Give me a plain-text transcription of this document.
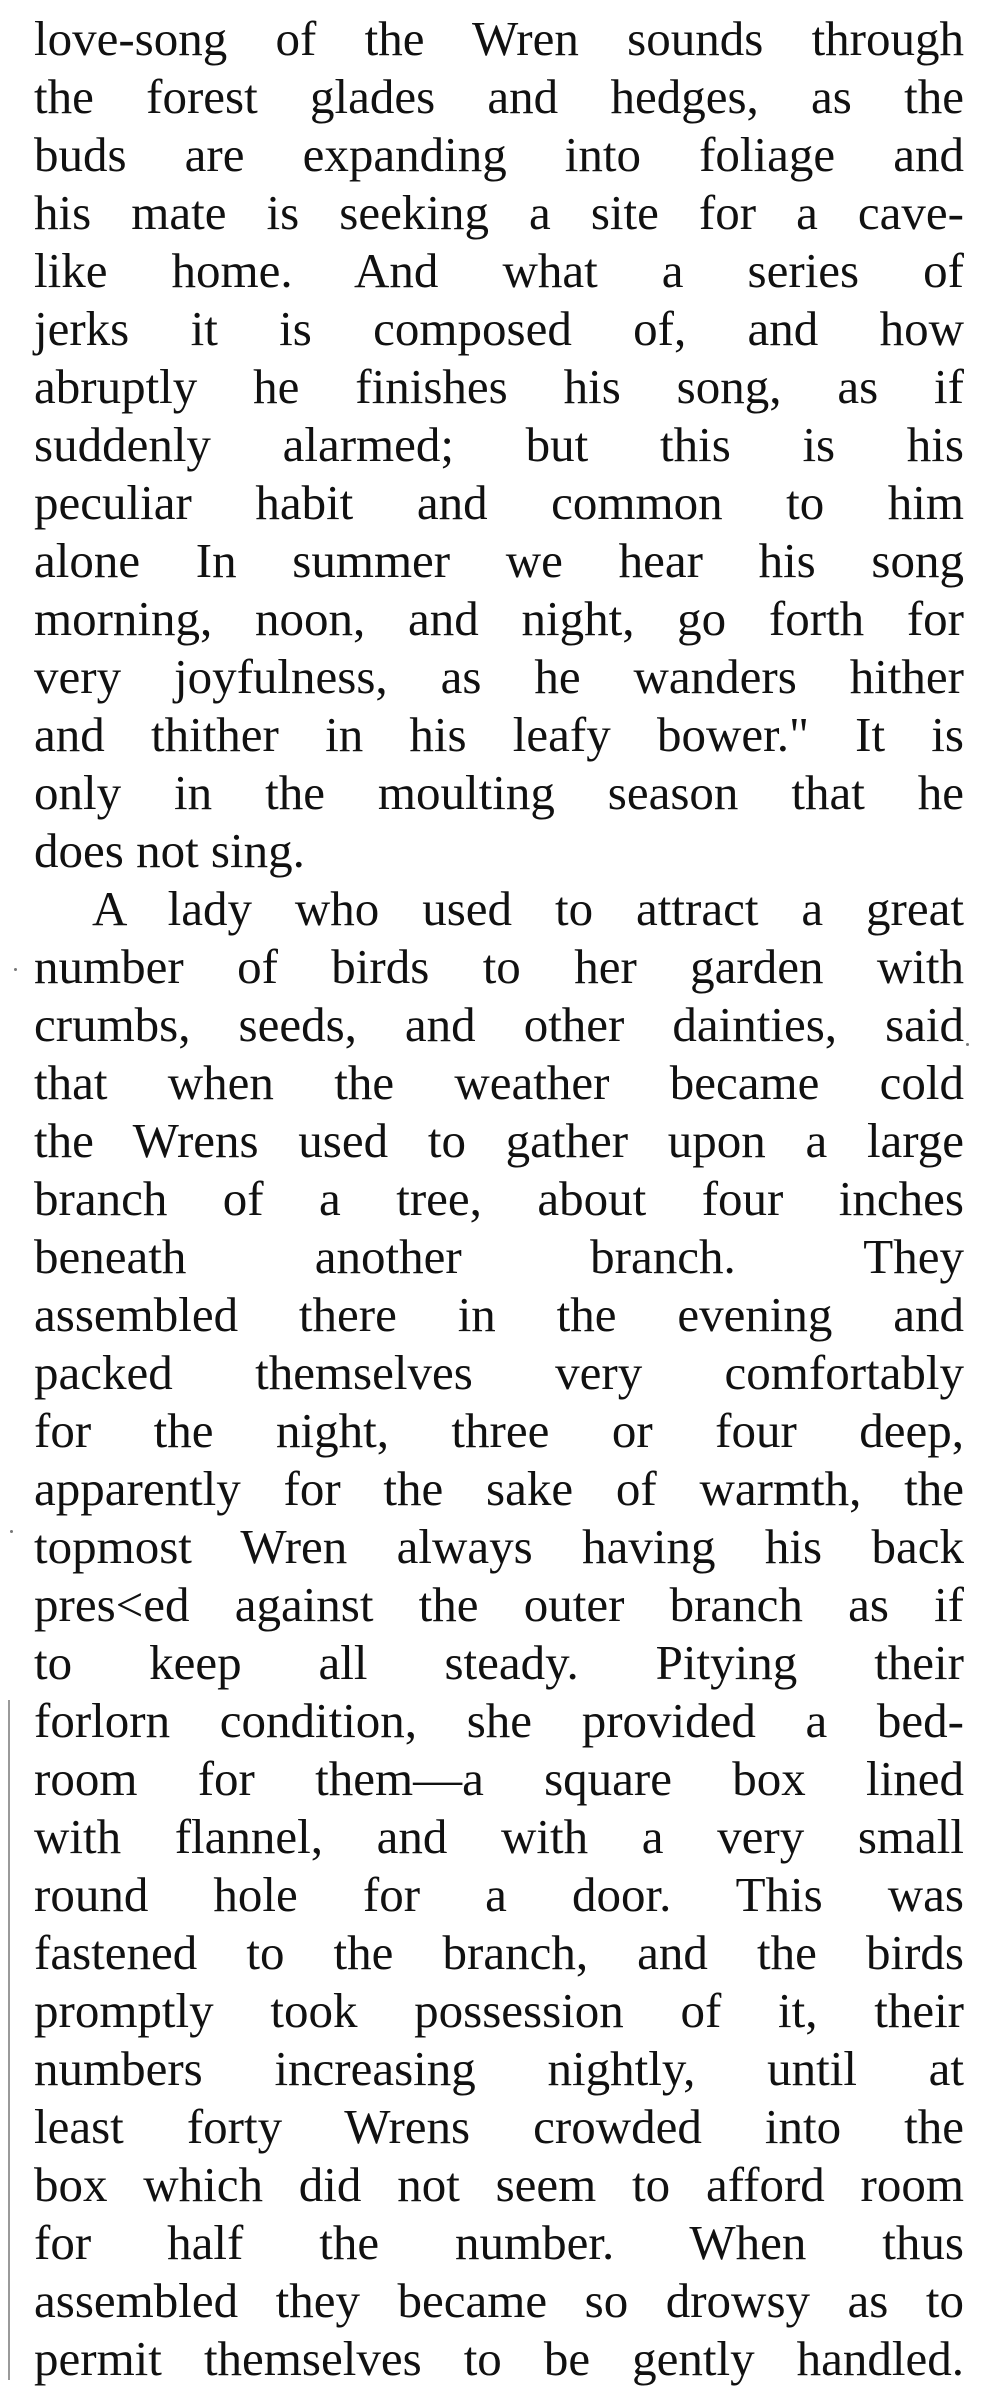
love-song of the Wren sounds through
the forest glades and hedges, as the
buds are expanding into foliage and
his mate is seeking a site for a cave-
like home. And what a series of
jerks it is composed of, and how
abruptly he finishes his song, as if
suddenly alarmed; but this is his
peculiar habit and common to him
alone In summer we hear his song
morning, noon, and night, go forth for
very joyfulness, as he wanders hither
and thither in his leafy bower." It is
only in the moulting season that he
does not sing.
A lady who used to attract a great
number of birds to her garden with
crumbs, seeds, and other dainties, said
that when the weather became cold
the Wrens used to gather upon a large
branch of a tree, about four inches
beneath another branch. They
assembled there in the evening and
packed themselves very comfortably
for the night, three or four deep,
apparently for the sake of warmth, the
topmost Wren always having his back
pres<ed against the outer branch as if
to keep all steady. Pitying their
forlorn condition, she provided a bed-
room for them—a square box lined
with flannel, and with a very small
round hole for a door. This was
fastened to the branch, and the birds
promptly took possession of it, their
numbers increasing nightly, until at
least forty Wrens crowded into the
box which did not seem to afford room
for half the number. When thus
assembled they became so drowsy as to
permit themselves to be gently handled.
